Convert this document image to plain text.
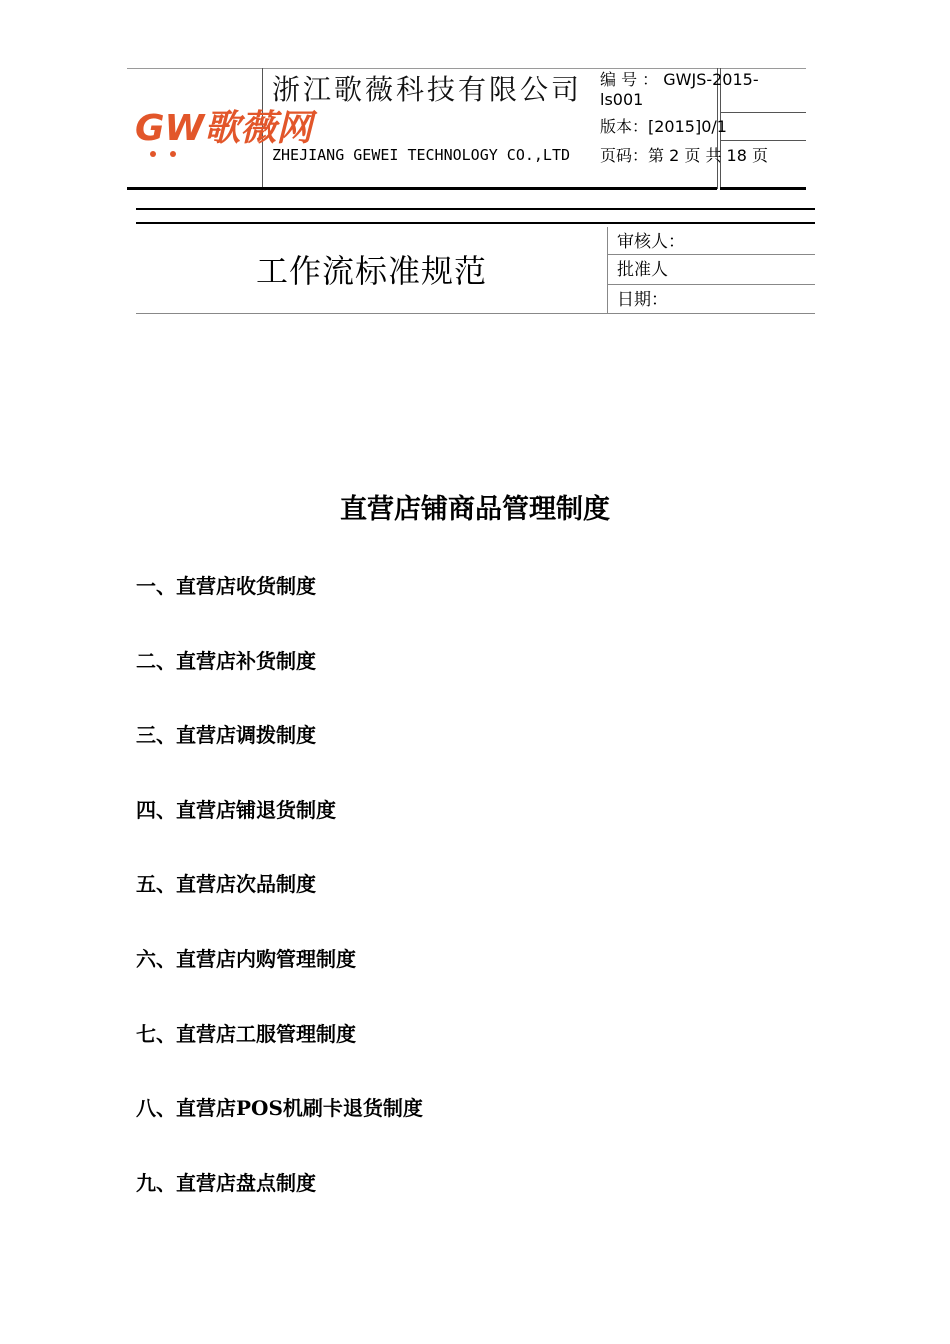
GW歌薇网
浙江歌薇科技有限公司
ZHEJIANG GEWEI TECHNOLOGY CO.,LTD
编 号 ： GWJS-2015-ls001
版本：[2015]0/1
页码：第 2 页 共 18 页
工作流标准规范
审核人：
批准人
日期：
直营店铺商品管理制度
一、直营店收货制度
二、直营店补货制度
三、直营店调拨制度
四、直营店铺退货制度
五、直营店次品制度
六、直营店内购管理制度
七、直营店工服管理制度
八、直营店POS机刷卡退货制度
九、直营店盘点制度
